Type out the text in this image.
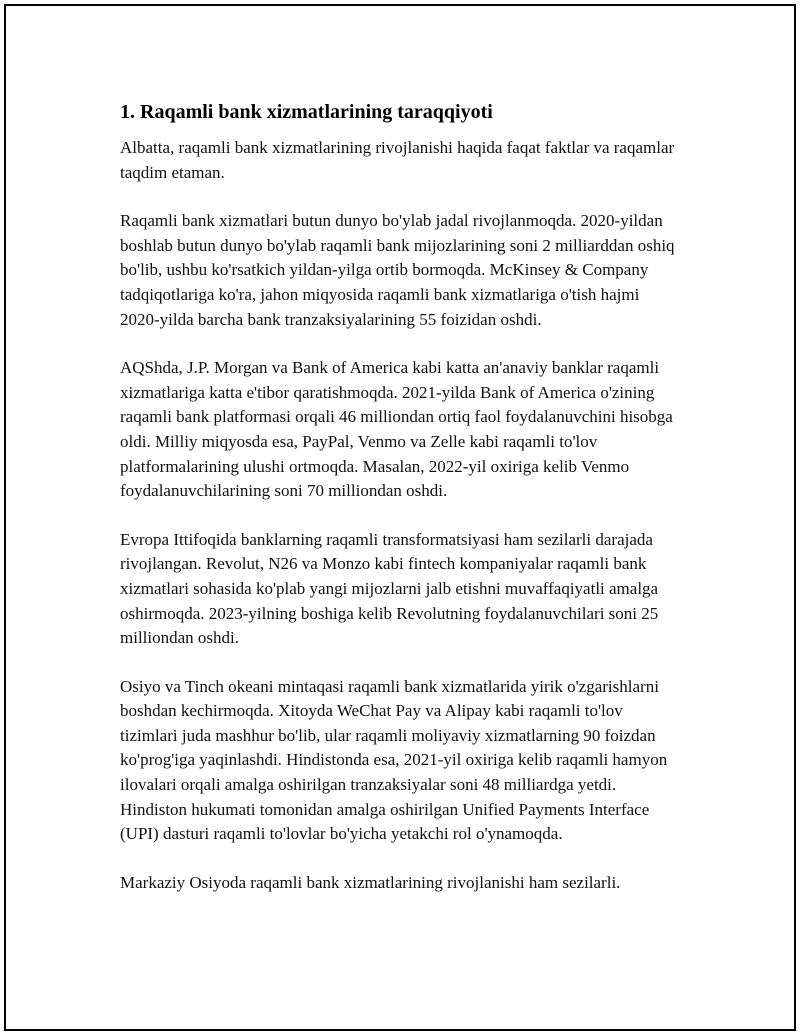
1. Raqamli bank xizmatlarining taraqqiyoti

Albatta, raqamli bank xizmatlarining rivojlanishi haqida faqat faktlar va raqamlar taqdim etaman.

Raqamli bank xizmatlari butun dunyo bo'ylab jadal rivojlanmoqda. 2020-yildan boshlab butun dunyo bo'ylab raqamli bank mijozlarining soni 2 milliarddan oshiq bo'lib, ushbu ko'rsatkich yildan-yilga ortib bormoqda. McKinsey & Company tadqiqotlariga ko'ra, jahon miqyosida raqamli bank xizmatlariga o'tish hajmi 2020-yilda barcha bank tranzaksiyalarining 55 foizidan oshdi.

AQShda, J.P. Morgan va Bank of America kabi katta an'anaviy banklar raqamli xizmatlariga katta e'tibor qaratishmoqda. 2021-yilda Bank of America o'zining raqamli bank platformasi orqali 46 milliondan ortiq faol foydalanuvchini hisobga oldi. Milliy miqyosda esa, PayPal, Venmo va Zelle kabi raqamli to'lov platformalarining ulushi ortmoqda. Masalan, 2022-yil oxiriga kelib Venmo foydalanuvchilarining soni 70 milliondan oshdi.

Evropa Ittifoqida banklarning raqamli transformatsiyasi ham sezilarli darajada rivojlangan. Revolut, N26 va Monzo kabi fintech kompaniyalar raqamli bank xizmatlari sohasida ko'plab yangi mijozlarni jalb etishni muvaffaqiyatli amalga oshirmoqda. 2023-yilning boshiga kelib Revolutning foydalanuvchilari soni 25 milliondan oshdi.

Osiyo va Tinch okeani mintaqasi raqamli bank xizmatlarida yirik o'zgarishlarni boshdan kechirmoqda. Xitoyda WeChat Pay va Alipay kabi raqamli to'lov tizimlari juda mashhur bo'lib, ular raqamli moliyaviy xizmatlarning 90 foizdan ko'prog'iga yaqinlashdi. Hindistonda esa, 2021-yil oxiriga kelib raqamli hamyon ilovalari orqali amalga oshirilgan tranzaksiyalar soni 48 milliardga yetdi. Hindiston hukumati tomonidan amalga oshirilgan Unified Payments Interface (UPI) dasturi raqamli to'lovlar bo'yicha yetakchi rol o'ynamoqda.

Markaziy Osiyoda raqamli bank xizmatlarining rivojlanishi ham sezilarli.
